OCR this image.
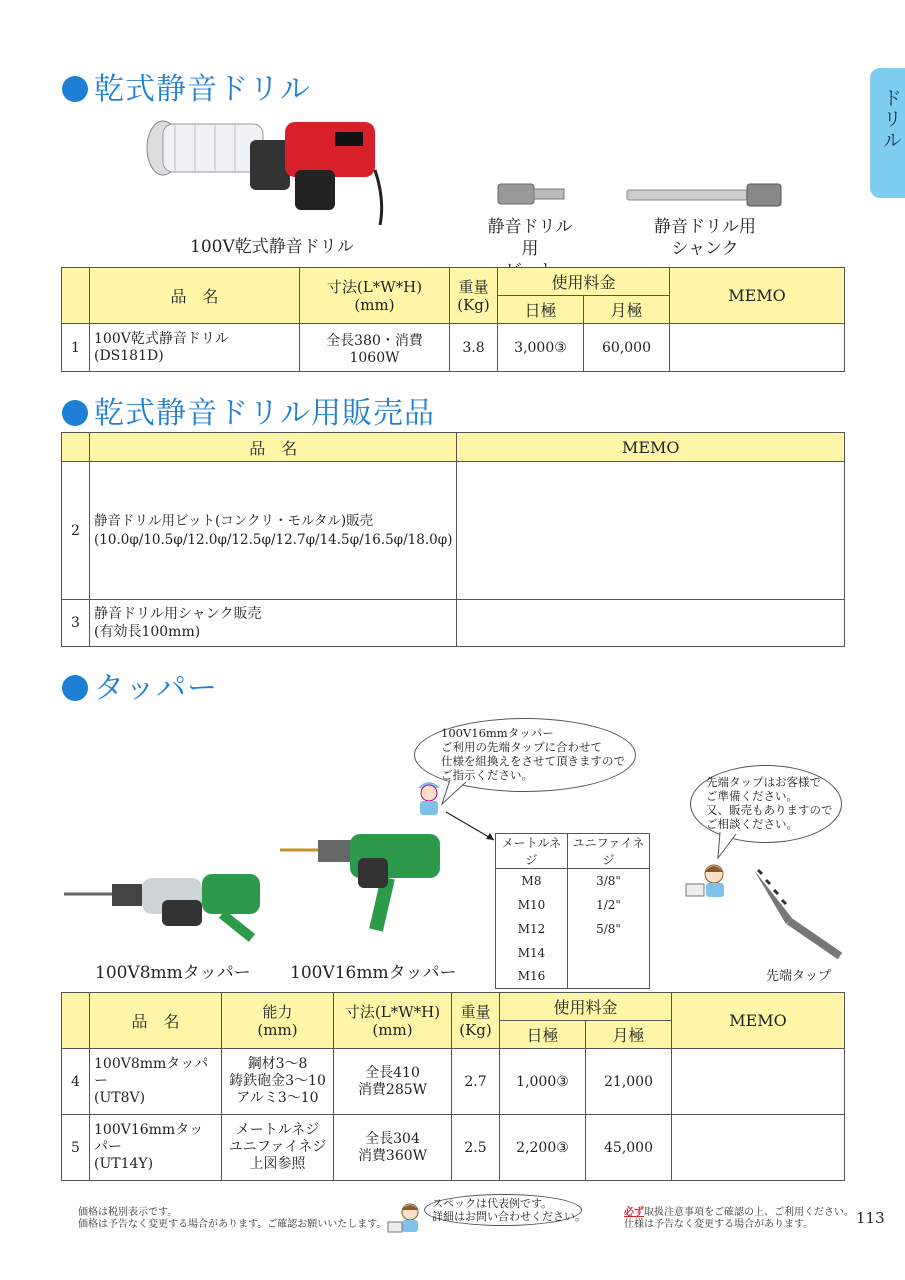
ドリル
乾式静音ドリル
100V乾式静音ドリル
静音ドリル用

静音ドリル用
シャンク
	品　名	寸法(L*W*H)
(mm)	重量
(Kg)	使用料金		MEMO
				日極	月極	
1	100V乾式静音ドリル
(DS181D)	全長380・消費1060W	3.8	3,000③	60,000	
乾式静音ドリル用販売品
	品　名	MEMO
2	静音ドリル用ビット(コンクリ・モルタル)販売
(10.0φ/10.5φ/12.0φ/12.5φ/12.7φ/14.5φ/16.5φ/18.0φ)	
3	静音ドリル用シャンク販売
(有効長100mm)	
タッパー
100V16mmタッパー
ご利用の先端タップに合わせて
仕様を組換えをさせて頂きますので
ご指示ください。
メートルネジ	ユニファイネジ
M8	3/8"
M10	1/2"
M12	5/8"
M14	
M16	
先端タップはお客様で
ご準備ください。
又、販売もありますので
ご相談ください。
先端タップ
100V8mmタッパー 100V16mmタッパー
	品　名	能力
(mm)	寸法(L*W*H)
(mm)	重量
(Kg)	使用料金		MEMO
					日極	月極	
4	100V8mmタッパー
(UT8V)	鋼材3～8
鋳鉄砲金3～10
アルミ3～10	全長410
消費285W	2.7	1,000③	21,000	
5	100V16mmタッパー
(UT14Y)	メートルネジ
ユニファイネジ
上図参照	全長304
消費360W	2.5	2,200③	45,000	
価格は税別表示です。
価格は予告なく変更する場合があります。ご確認お願いいたします。
スペックは代表例です。
詳細はお問い合わせください。	必ず取扱注意事項をご確認の上、ご利用ください。
仕様は予告なく変更する場合があります。	113
